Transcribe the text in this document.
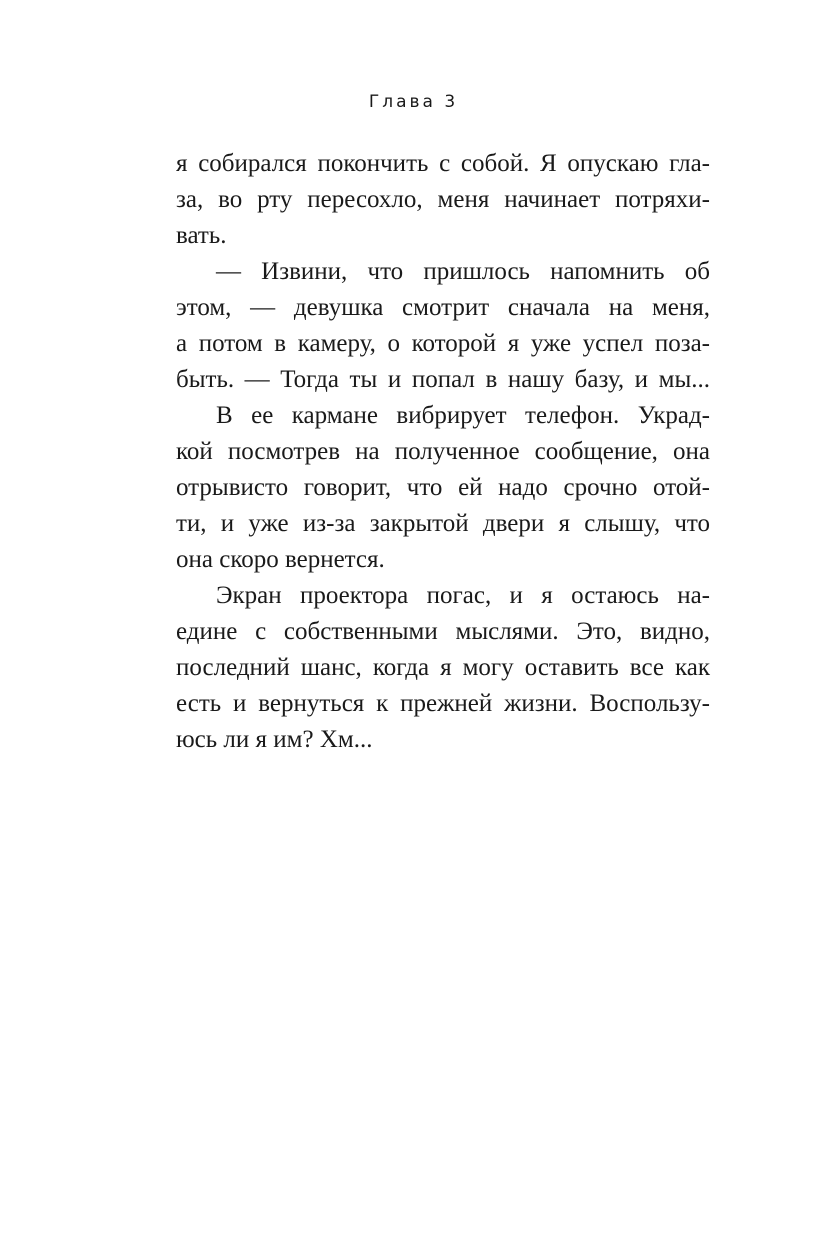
Глава 3
я собирался покончить с собой. Я опускаю гла-
за, во рту пересохло, меня начинает потряхи-
вать.
— Извини, что пришлось напомнить об
этом, — девушка смотрит сначала на меня,
а потом в камеру, о которой я уже успел поза-
быть. — Тогда ты и попал в нашу базу, и мы...
В ее кармане вибрирует телефон. Украд-
кой посмотрев на полученное сообщение, она
отрывисто говорит, что ей надо срочно отой-
ти, и уже из-за закрытой двери я слышу, что
она скоро вернется.
Экран проектора погас, и я остаюсь на-
едине с собственными мыслями. Это, видно,
последний шанс, когда я могу оставить все как
есть и вернуться к прежней жизни. Воспользу-
юсь ли я им? Хм...
